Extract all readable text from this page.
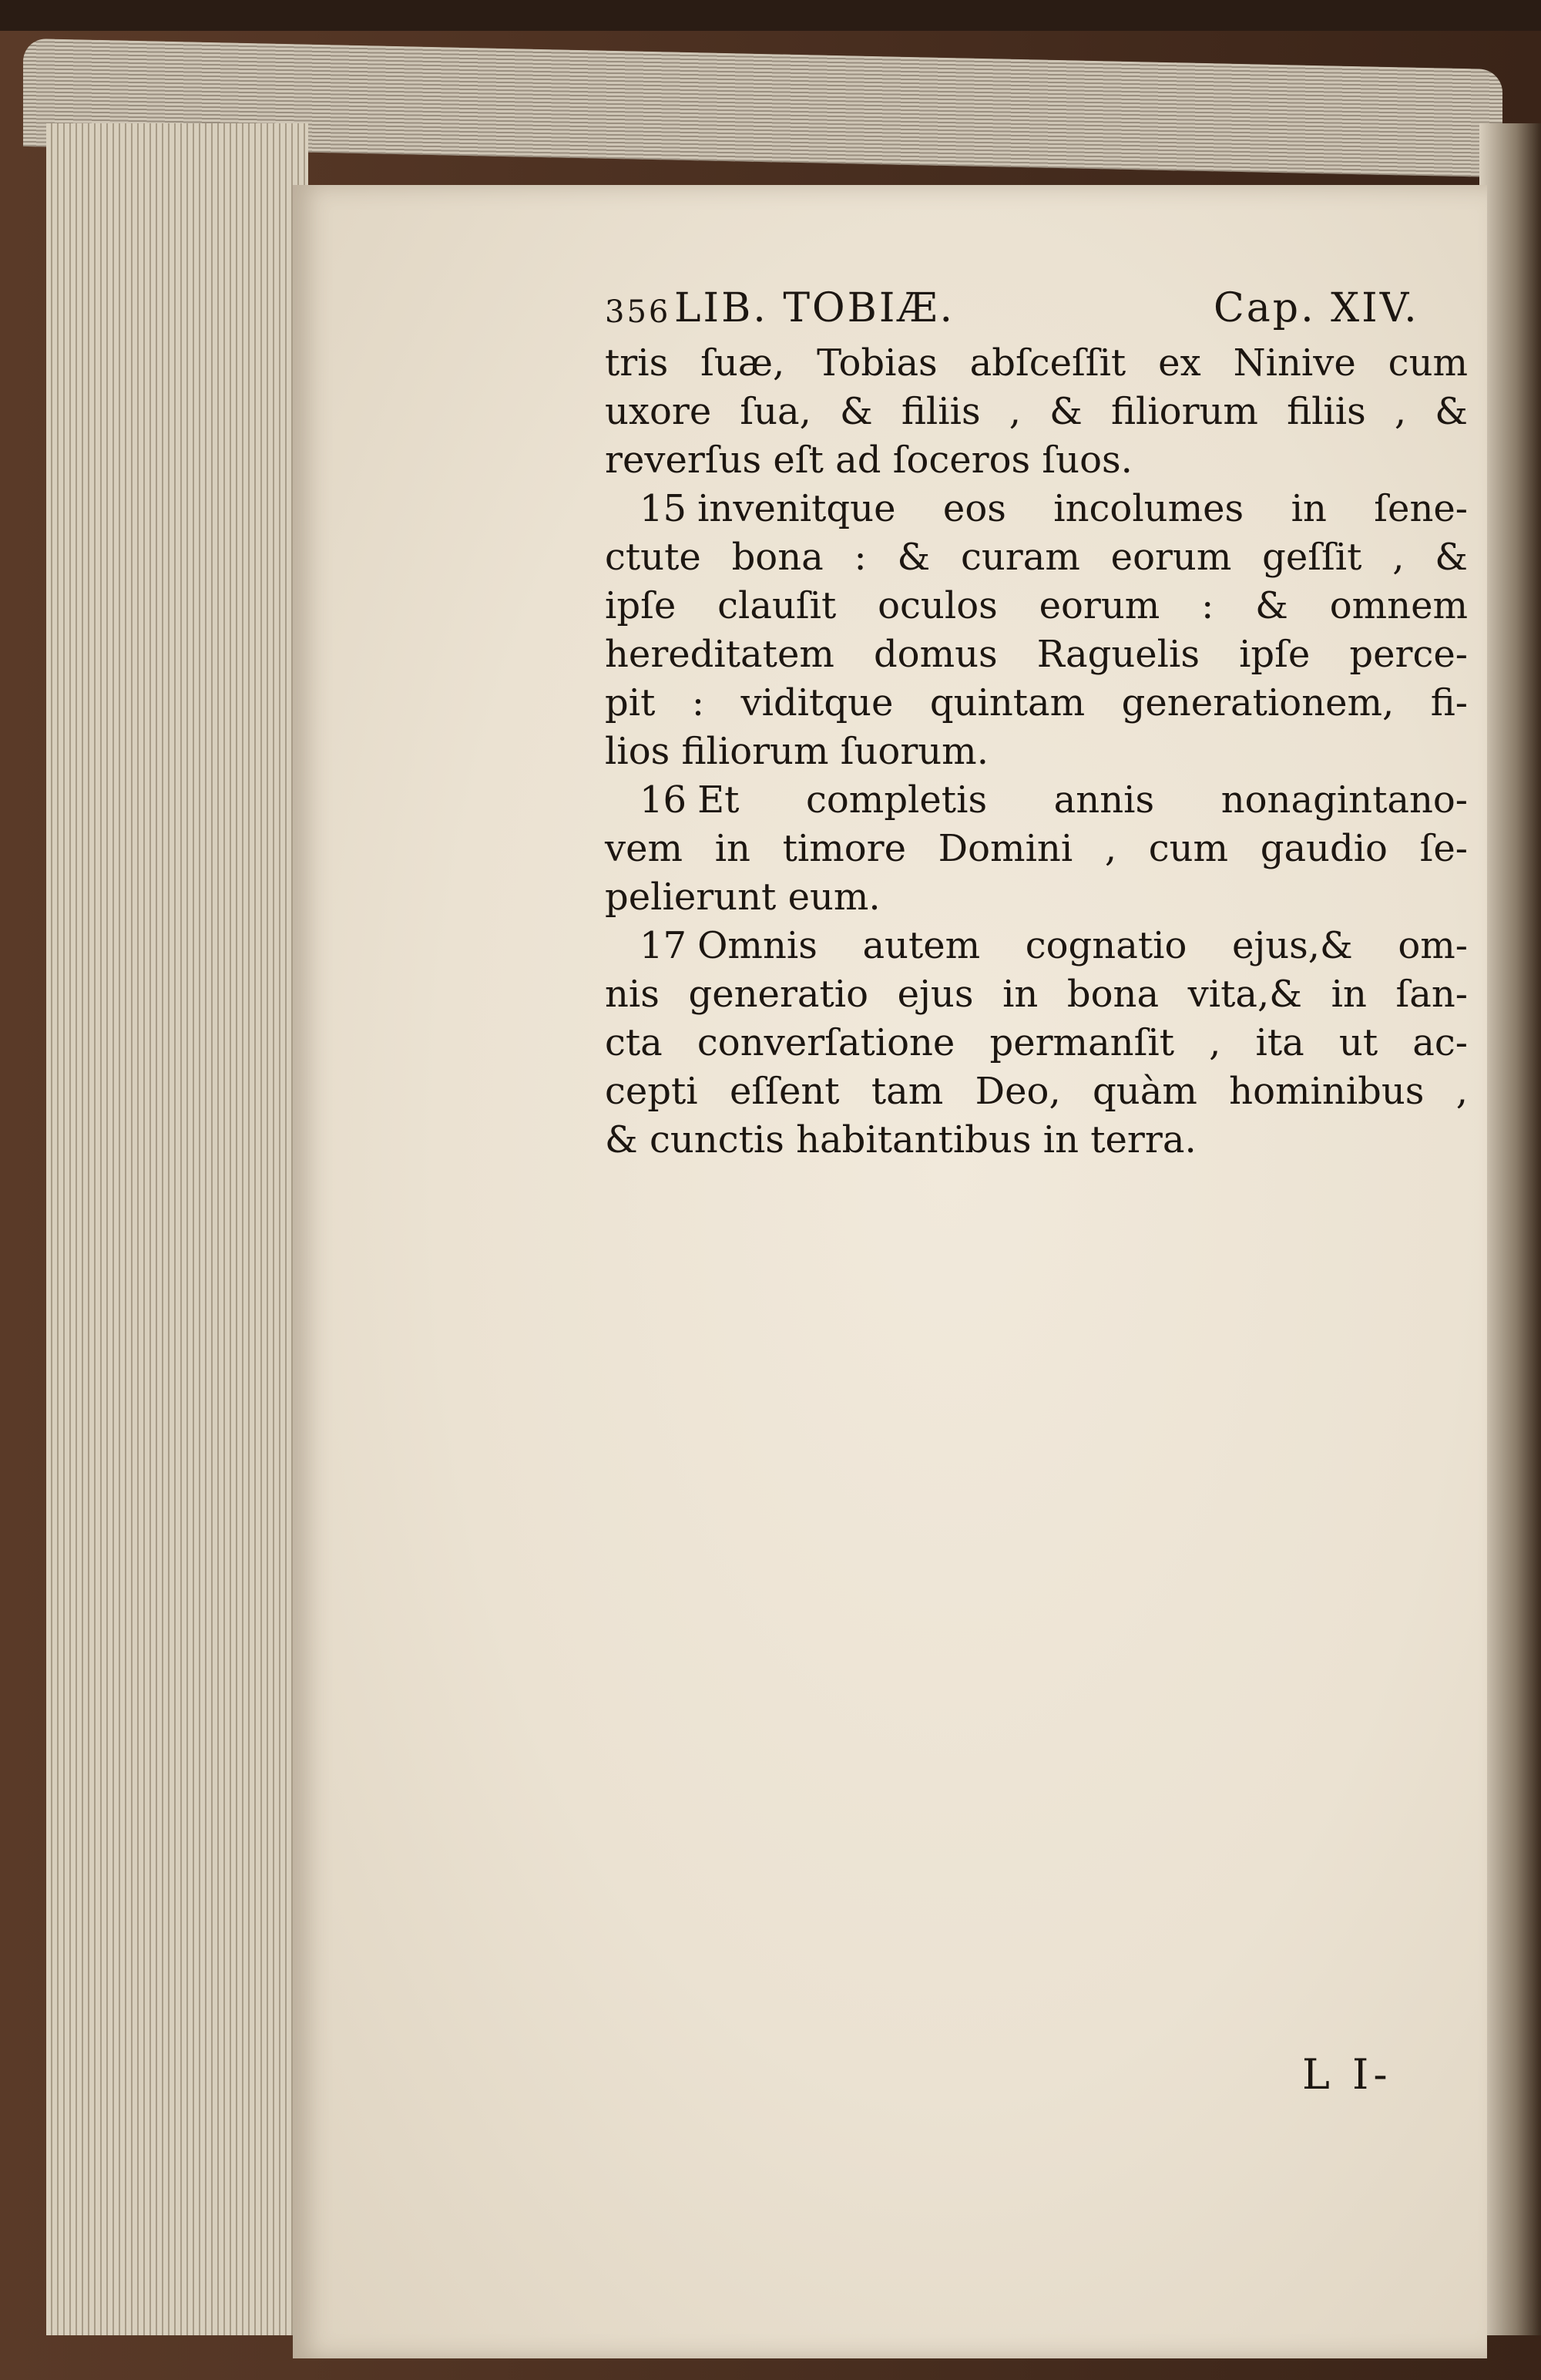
356 LIB. TOBIÆ.	Cap. XIV.
tris ſuæ, Tobias abſceſſit ex Ninive cum
uxore ſua, & filiis , & filiorum filiis , &
reverſus eſt ad ſoceros ſuos.
15 invenitque eos incolumes in ſene-
ctute bona : & curam eorum geſſit , &
ipſe clauſit oculos eorum : & omnem
hereditatem domus Raguelis ipſe perce-
pit : viditque quintam generationem, fi-
lios filiorum ſuorum.
16 Et completis annis nonagintano-
vem in timore Domini , cum gaudio ſe-
pelierunt eum.
17 Omnis autem cognatio ejus,& om-
nis generatio ejus in bona vita,& in ſan-
cta converſatione permanſit , ita ut ac-
cepti eſſent tam Deo, quàm hominibus ,
& cunctis habitantibus in terra.
L I-
